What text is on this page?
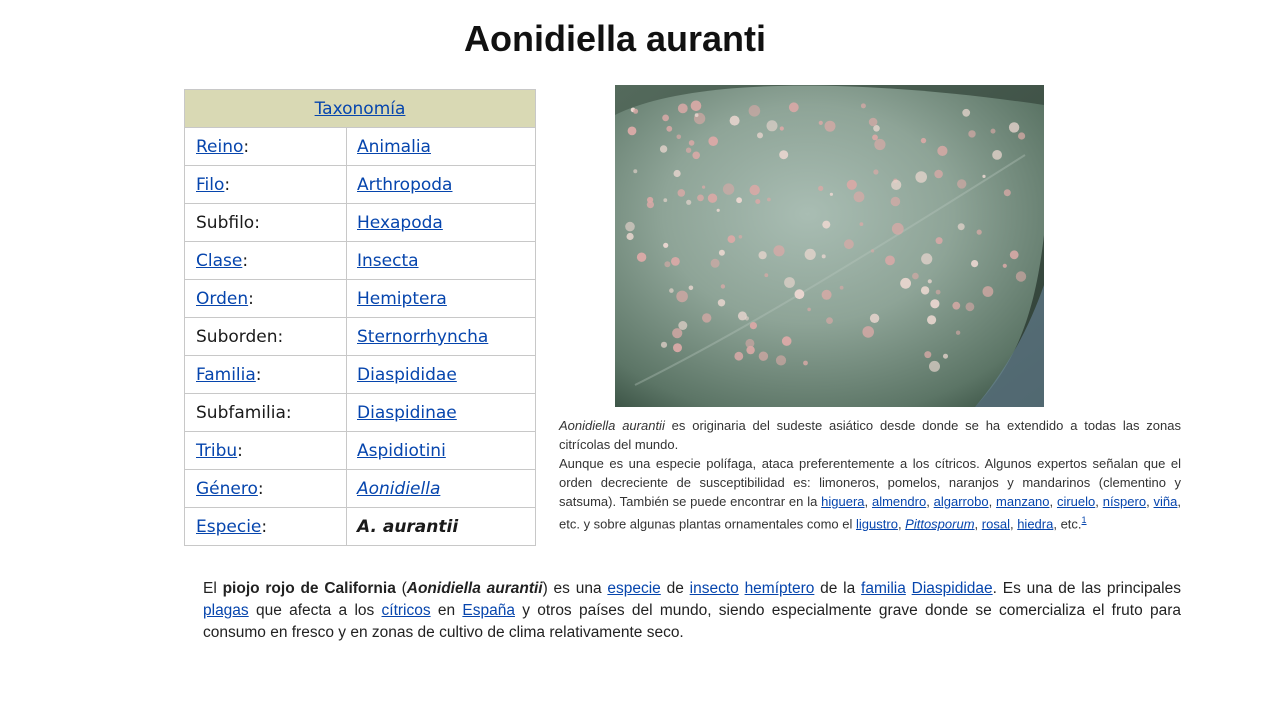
Aonidiella auranti
Taxonomía	
Reino:	Animalia
Filo:	Arthropoda
Subfilo:	Hexapoda
Clase:	Insecta
Orden:	Hemiptera
Suborden:	Sternorrhyncha
Familia:	Diaspididae
Subfamilia:	Diaspidinae
Tribu:	Aspidiotini
Género:	Aonidiella
Especie:	A. aurantii

Aonidiella aurantii es originaria del sudeste asiático desde donde se ha extendido a todas las zonas citrícolas del mundo.

Aunque es una especie polífaga, ataca preferentemente a los cítricos. Algunos expertos señalan que el orden decreciente de susceptibilidad es: limoneros, pomelos, naranjos y mandarinos (clementino y satsuma). También se puede encontrar en la higuera, almendro, algarrobo, manzano, ciruelo, níspero, viña, etc. y sobre algunas plantas ornamentales como el ligustro, Pittosporum, rosal, hiedra, etc.$^1$

El piojo rojo de California (Aonidiella aurantii) es una especie de insecto hemíptero de la familia Diaspididae. Es una de las principales plagas que afecta a los cítricos en España y otros países del mundo, siendo especialmente grave donde se comercializa el fruto para consumo en fresco y en zonas de cultivo de clima relativamente seco.
